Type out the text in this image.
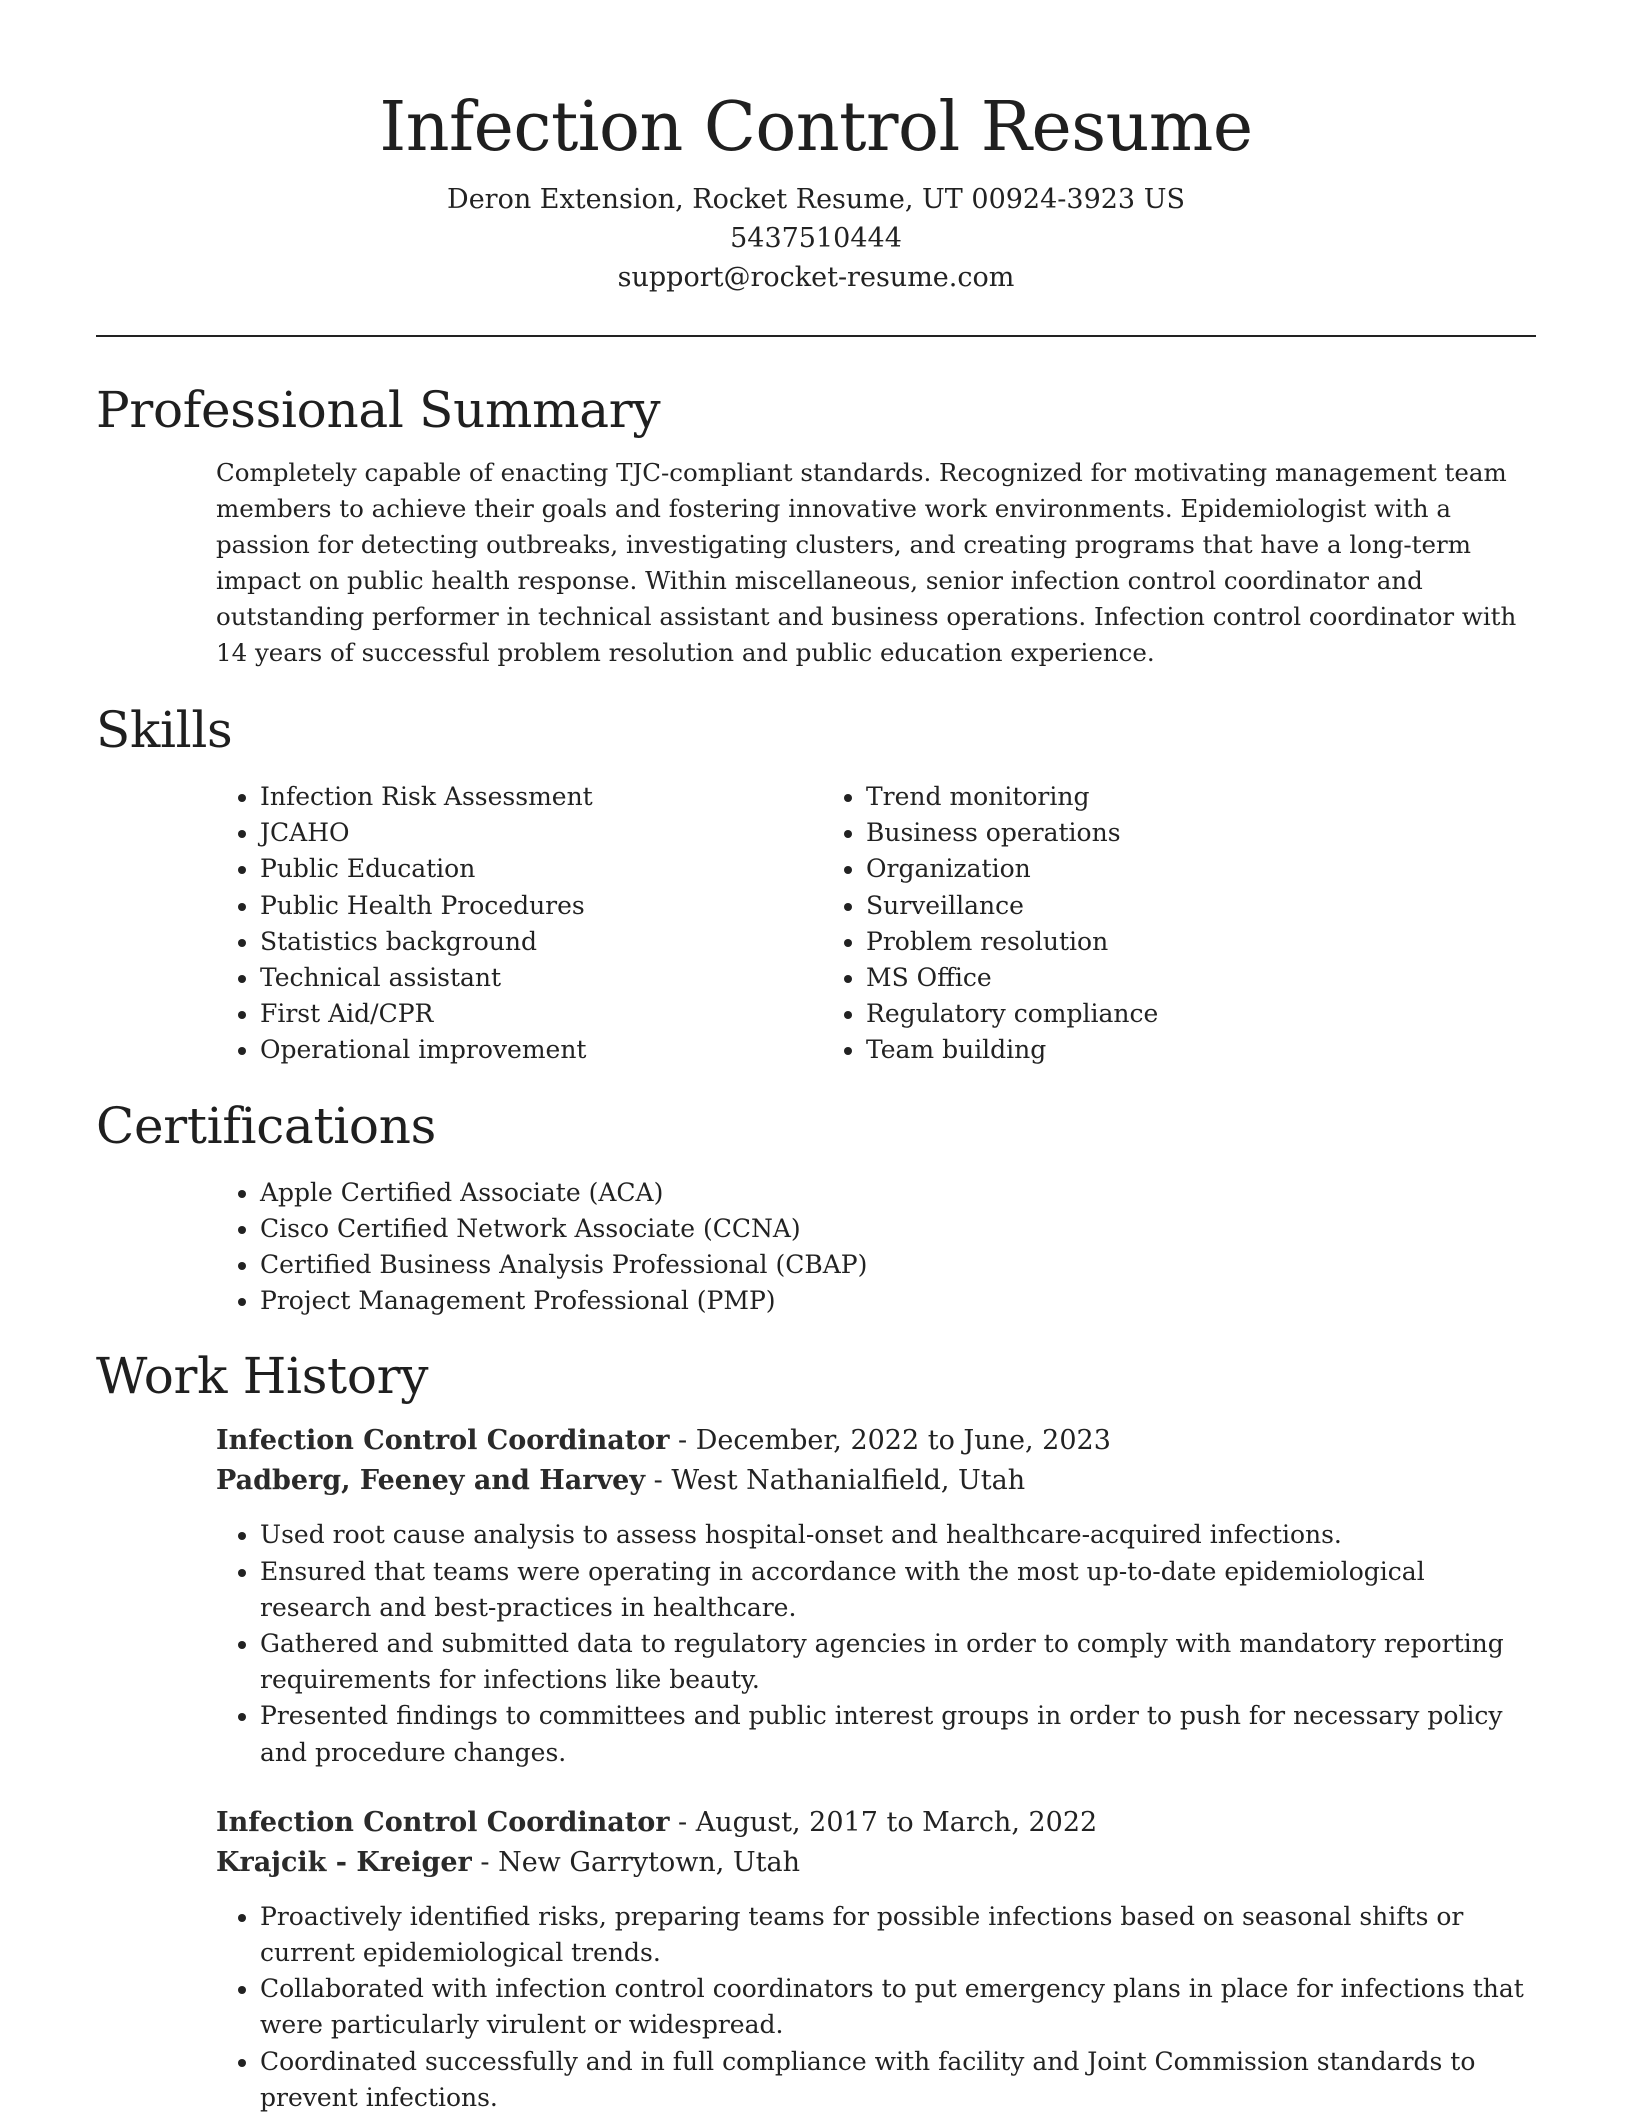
Infection Control Resume
Deron Extension, Rocket Resume, UT 00924-3923 US
5437510444
support@rocket-resume.com
Professional Summary

Completely capable of enacting TJC-compliant standards. Recognized for motivating management team members to achieve their goals and fostering innovative work environments. Epidemiologist with a passion for detecting outbreaks, investigating clusters, and creating programs that have a long-term impact on public health response. Within miscellaneous, senior infection control coordinator and outstanding performer in technical assistant and business operations. Infection control coordinator with 14 years of successful problem resolution and public education experience.

Skills
• Infection Risk Assessment
• JCAHO
• Public Education
• Public Health Procedures
• Statistics background
• Technical assistant
• First Aid/CPR
• Operational improvement
• Trend monitoring
• Business operations
• Organization
• Surveillance
• Problem resolution
• MS Office
• Regulatory compliance
• Team building
Certifications
• Apple Certified Associate (ACA)
• Cisco Certified Network Associate (CCNA)
• Certified Business Analysis Professional (CBAP)
• Project Management Professional (PMP)
Work History
Infection Control Coordinator - December, 2022 to June, 2023
Padberg, Feeney and Harvey - West Nathanialfield, Utah
• Used root cause analysis to assess hospital-onset and healthcare-acquired infections.
• Ensured that teams were operating in accordance with the most up-to-date epidemiological research and best-practices in healthcare.
• Gathered and submitted data to regulatory agencies in order to comply with mandatory reporting requirements for infections like beauty.
• Presented findings to committees and public interest groups in order to push for necessary policy and procedure changes.
Infection Control Coordinator - August, 2017 to March, 2022
Krajcik - Kreiger - New Garrytown, Utah
• Proactively identified risks, preparing teams for possible infections based on seasonal shifts or current epidemiological trends.
• Collaborated with infection control coordinators to put emergency plans in place for infections that were particularly virulent or widespread.
• Coordinated successfully and in full compliance with facility and Joint Commission standards to prevent infections.
